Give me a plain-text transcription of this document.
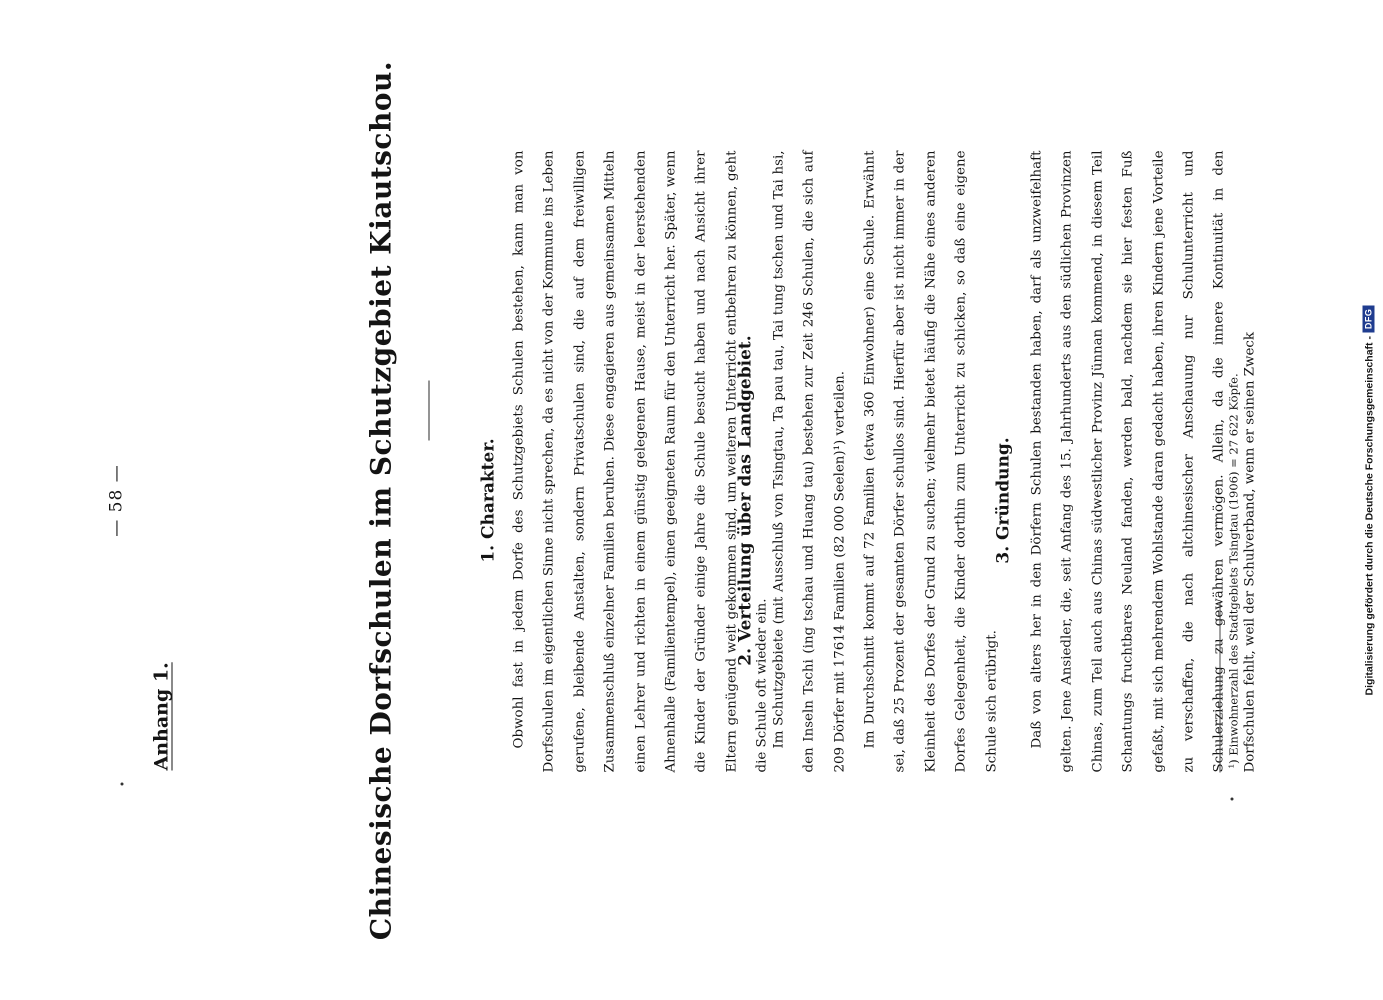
— 58 —
Anhang 1.	Chinesische Dorfschulen im Schutzgebiet Kiautschou.	1. Charakter. Obwohl fast in jedem Dorfe des Schutzgebiets Schulen bestehen, kann man von Dorfschulen im eigentlichen Sinne nicht sprechen, da es nicht von der Kommune ins Leben gerufene, bleibende Anstalten, sondern Privatschulen sind, die auf dem freiwilligen Zusammenschluß einzelner Familien beruhen. Diese engagieren aus gemeinsamen Mitteln einen Lehrer und richten in einem günstig gelegenen Hause, meist in der leerstehenden Ahnenhalle (Familientempel), einen geeigneten Raum für den Unterricht her. Später, wenn die Kinder der Gründer einige Jahre die Schule besucht haben und nach Ansicht ihrer Eltern genügend weit gekommen sind, um weiteren Unterricht entbehren zu können, geht die Schule oft wieder ein.
2. Verteilung über das Landgebiet.	Im Schutzgebiete (mit Ausschluß von Tsingtau, Ta pau tau, Tai tung tschen und Tai hsi, den Inseln Tschi (ing tschau und Huang tau) bestehen zur Zeit 246 Schulen, die sich auf 209 Dörfer mit 17614 Familien (82 000 Seelen)¹) verteilen.	Im Durchschnitt kommt auf 72 Familien (etwa 360 Einwohner) eine Schule. Erwähnt sei, daß 25 Prozent der gesamten Dörfer schullos sind. Hierfür aber ist nicht immer in der Kleinheit des Dorfes der Grund zu suchen; vielmehr bietet häufig die Nähe eines anderen Dorfes Gelegenheit, die Kinder dorthin zum Unterricht zu schicken, so daß eine eigene Schule sich erübrigt.
3. Gründung.	Daß von alters her in den Dörfern Schulen bestanden haben, darf als unzweifelhaft gelten. Jene Ansiedler, die, seit Anfang des 15. Jahrhunderts aus den südlichen Provinzen Chinas, zum Teil auch aus Chinas südwestlicher Provinz Jünnan kommend, in diesem Teil Schantungs fruchtbares Neuland fanden, werden bald, nachdem sie hier festen Fuß gefaßt, mit sich mehrendem Wohlstande daran gedacht haben, ihren Kindern jene Vorteile zu verschaffen, die nach altchinesischer Anschauung nur Schulunterricht und Schulerziehung zu gewähren vermögen. Allein, da die innere Kontinuität in den Dorfschulen fehlt, weil der Schulverband, wenn er seinen Zweck
¹) Einwohnerzahl des Stadtgebiets Tsingtau (1906) = 27 622 Köpfe.	Digitalisierung gefördert durch die Deutsche Forschungsgemeinschaft -DFG
